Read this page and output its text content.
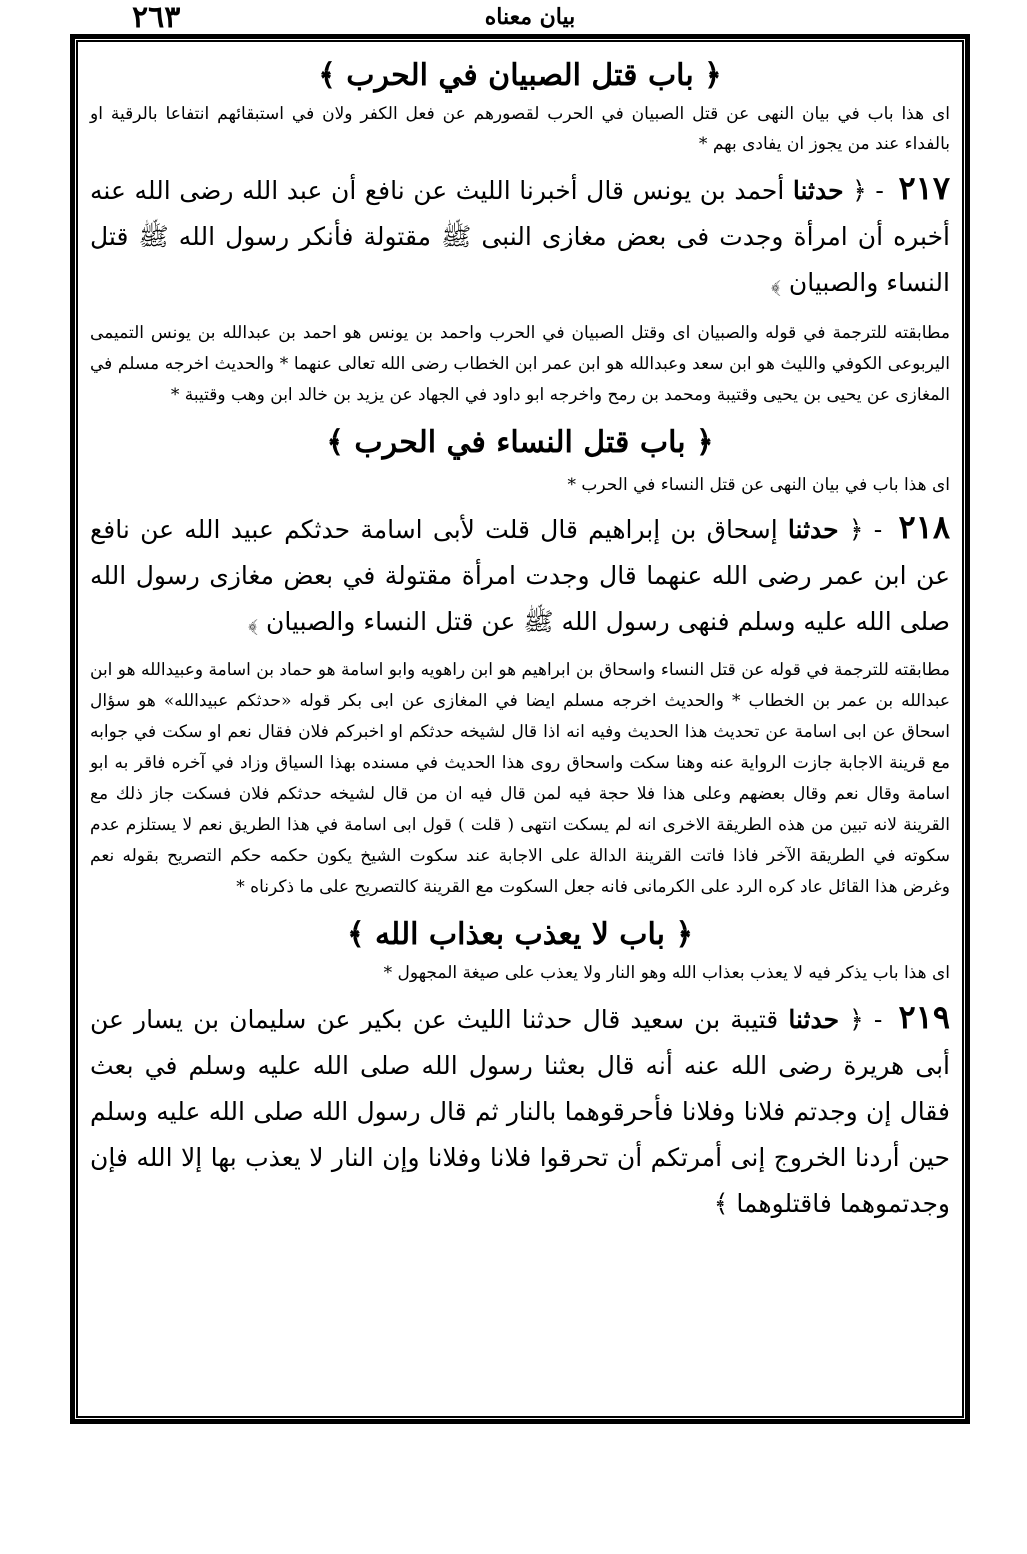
٢٦٣	بیان معناه
﴿ باب قتل الصبيان في الحرب ﴾

اى هذا باب في بيان النهى عن قتل الصبيان في الحرب لقصورهم عن فعل الكفر ولان في استبقائهم انتفاعا بالرقية او بالفداء عند من يجوز ان يفادى بهم *

٢١٧ - ﴿ حدثنا أحمد بن يونس قال أخبرنا الليث عن نافع أن عبد الله رضى الله عنه أخبره أن امرأة وجدت فى بعض مغازى النبى ﷺ مقتولة فأنكر رسول الله ﷺ قتل النساء والصبيان ﴾

مطابقته للترجمة في قوله والصبيان اى وقتل الصبيان في الحرب واحمد بن يونس هو احمد بن عبدالله بن يونس التميمى اليربوعى الكوفي والليث هو ابن سعد وعبدالله هو ابن عمر ابن الخطاب رضى الله تعالى عنهما * والحديث اخرجه مسلم في المغازى عن يحيى بن يحيى وقتيبة ومحمد بن رمح واخرجه ابو داود في الجهاد عن يزيد بن خالد ابن وهب وقتيبة *

﴿ باب قتل النساء في الحرب ﴾

اى هذا باب في بيان النهى عن قتل النساء في الحرب *

٢١٨ - ﴿ حدثنا إسحاق بن إبراهيم قال قلت لأبى اسامة حدثكم عبيد الله عن نافع عن ابن عمر رضى الله عنهما قال وجدت امرأة مقتولة في بعض مغازى رسول الله صلى الله عليه وسلم فنهى رسول الله ﷺ عن قتل النساء والصبيان ﴾

مطابقته للترجمة في قوله عن قتل النساء واسحاق بن ابراهيم هو ابن راهويه وابو اسامة هو حماد بن اسامة وعبيدالله هو ابن عبدالله بن عمر بن الخطاب * والحديث اخرجه مسلم ايضا في المغازى عن ابى بكر قوله «حدثكم عبيدالله» هو سؤال اسحاق عن ابى اسامة عن تحديث هذا الحديث وفيه انه اذا قال لشيخه حدثكم او اخبركم فلان فقال نعم او سكت في جوابه مع قرينة الاجابة جازت الرواية عنه وهنا سكت واسحاق روى هذا الحديث في مسنده بهذا السياق وزاد في آخره فاقر به ابو اسامة وقال نعم وقال بعضهم وعلى هذا فلا حجة فيه لمن قال فيه ان من قال لشيخه حدثكم فلان فسكت جاز ذلك مع القرينة لانه تبين من هذه الطريقة الاخرى انه لم يسكت انتهى ( قلت ) قول ابى اسامة في هذا الطريق نعم لا يستلزم عدم سكوته في الطريقة الآخر فاذا فاتت القرينة الدالة على الاجابة عند سكوت الشيخ يكون حكمه حكم التصريح بقوله نعم وغرض هذا القائل عاد كره الرد على الكرمانى فانه جعل السكوت مع القرينة كالتصريح على ما ذكرناه *

﴿ باب لا يعذب بعذاب الله ﴾

اى هذا باب يذكر فيه لا يعذب بعذاب الله وهو النار ولا يعذب على صيغة المجهول *

٢١٩ - ﴿ حدثنا قتيبة بن سعيد قال حدثنا الليث عن بكير عن سليمان بن يسار عن أبى هريرة رضى الله عنه أنه قال بعثنا رسول الله صلى الله عليه وسلم في بعث فقال إن وجدتم فلانا وفلانا فأحرقوهما بالنار ثم قال رسول الله صلى الله عليه وسلم حين أردنا الخروج إنى أمرتكم أن تحرقوا فلانا وفلانا وإن النار لا يعذب بها إلا الله فإن وجدتموهما فاقتلوهما ﴾
